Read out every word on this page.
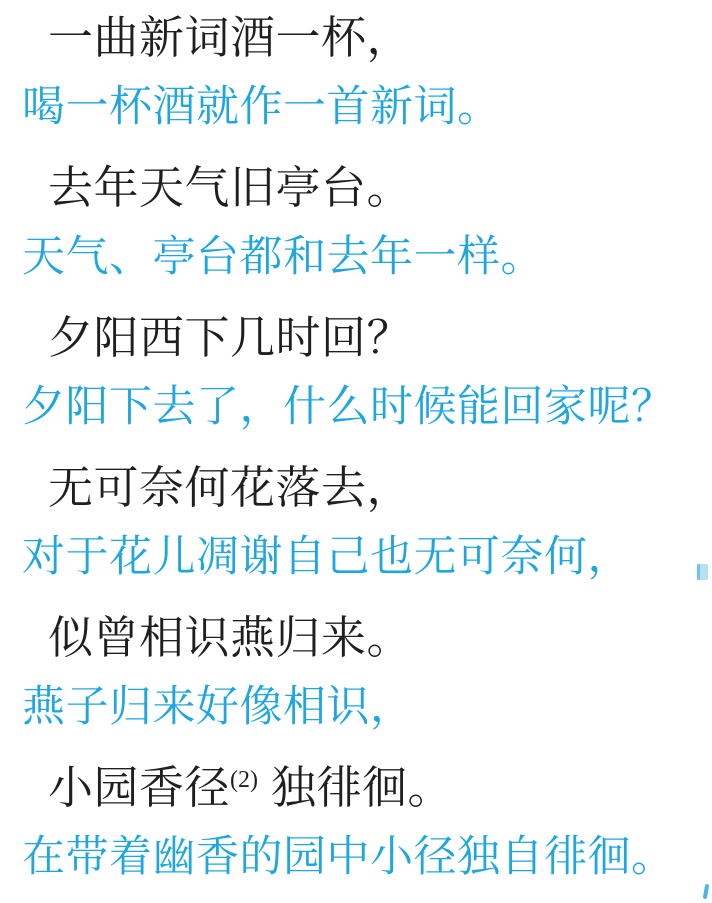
一曲新词酒一杯，

喝一杯酒就作一首新词。

去年天气旧亭台。

天气、亭台都和去年一样。

夕阳西下几时回？

夕阳下去了，什么时候能回家呢？

无可奈何花落去，

对于花儿凋谢自己也无可奈何，

似曾相识燕归来。

燕子归来好像相识，

小园香径$^{(2)}$ 独徘徊。

在带着幽香的园中小径独自徘徊。
